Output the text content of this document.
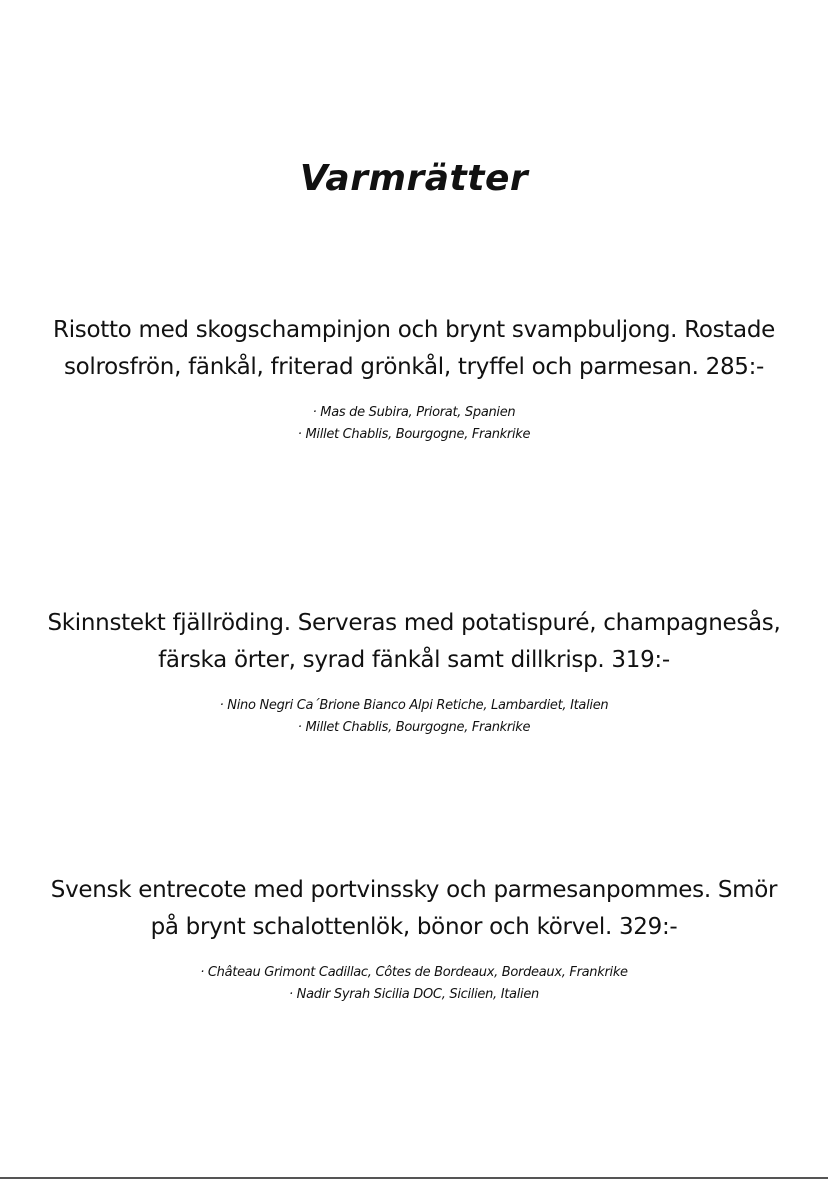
Varmrätter

Risotto med skogschampinjon och brynt svampbuljong. Rostade solrosfrön, fänkål, friterad grönkål, tryffel och parmesan. 285:-

· Mas de Subira, Priorat, Spanien
· Millet Chablis, Bourgogne, Frankrike

Skinnstekt fjällröding. Serveras med potatispuré, champagnesås, färska örter, syrad fänkål samt dillkrisp. 319:-

· Nino Negri Ca´Brione Bianco Alpi Retiche, Lambardiet, Italien
· Millet Chablis, Bourgogne, Frankrike

Svensk entrecote med portvinssky och parmesanpommes. Smör på brynt schalottenlök, bönor och körvel. 329:-

· Château Grimont Cadillac, Côtes de Bordeaux, Bordeaux, Frankrike
· Nadir Syrah Sicilia DOC, Sicilien, Italien
